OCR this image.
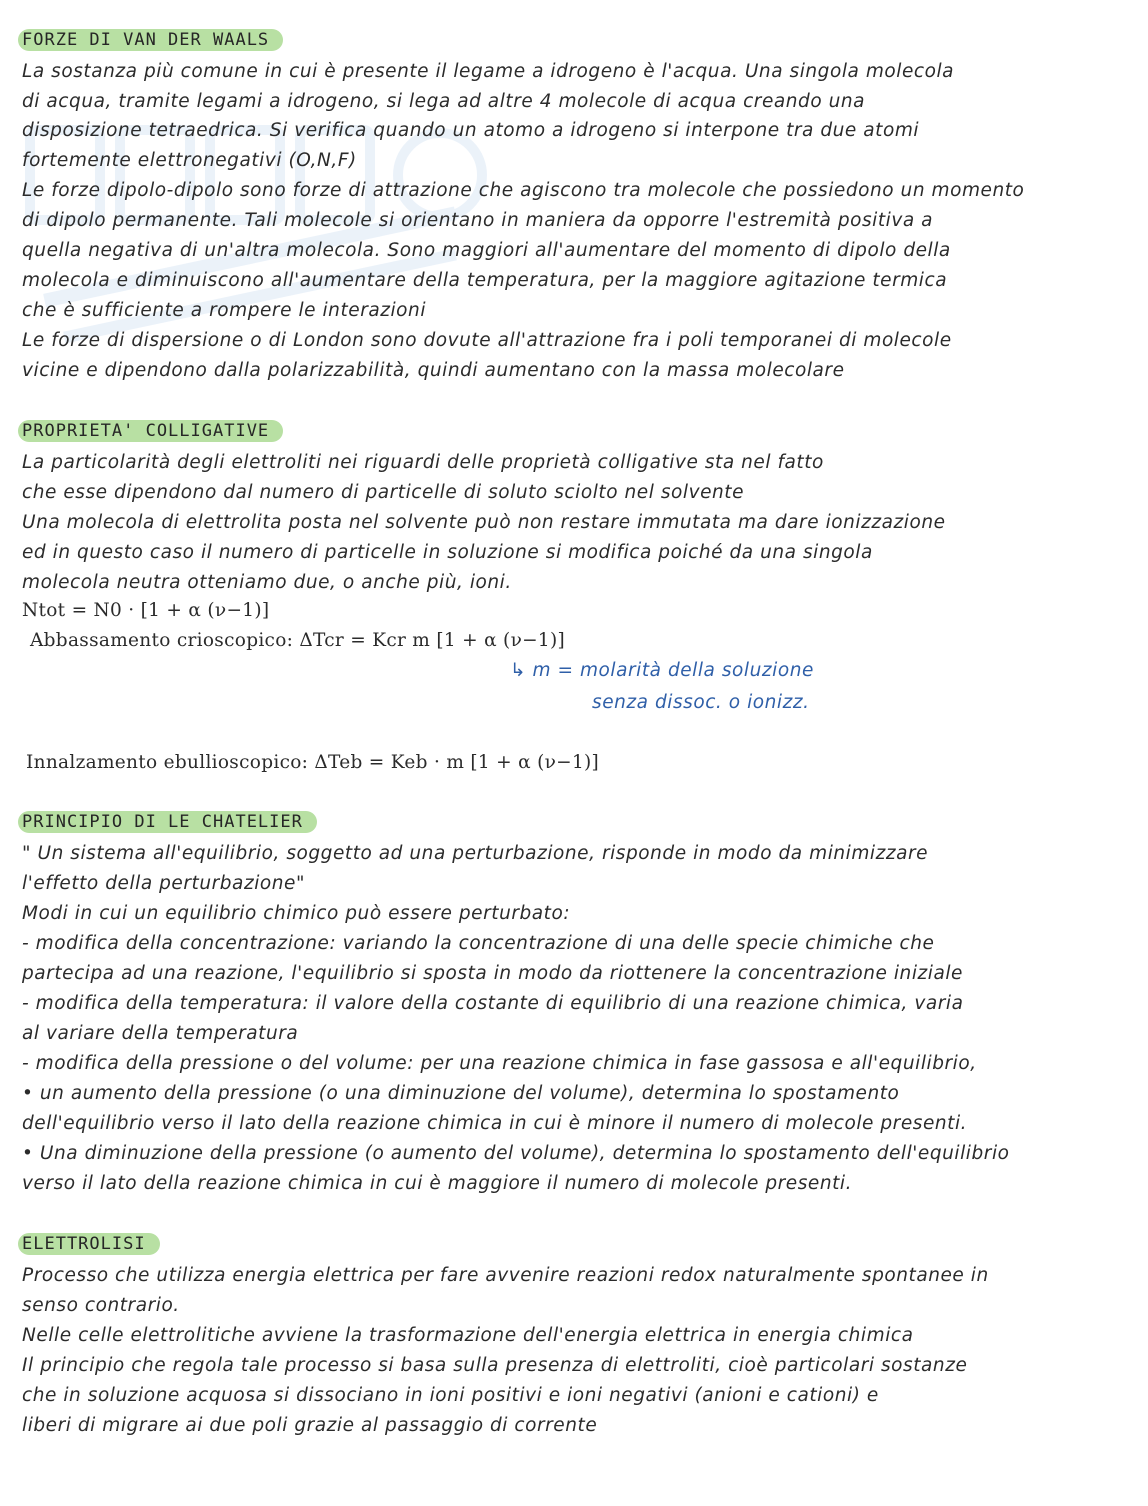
FORZE DI VAN DER WAALS
La sostanza più comune in cui è presente il legame a idrogeno è l'acqua. Una singola molecola
di acqua, tramite legami a idrogeno, si lega ad altre 4 molecole di acqua creando una
disposizione tetraedrica. Si verifica quando un atomo a idrogeno si interpone tra due atomi
fortemente elettronegativi (O,N,F)
Le forze dipolo-dipolo sono forze di attrazione che agiscono tra molecole che possiedono un momento
di dipolo permanente. Tali molecole si orientano in maniera da opporre l'estremità positiva a
quella negativa di un'altra molecola. Sono maggiori all'aumentare del momento di dipolo della
molecola e diminuiscono all'aumentare della temperatura, per la maggiore agitazione termica
che è sufficiente a rompere le interazioni
Le forze di dispersione o di London sono dovute all'attrazione fra i poli temporanei di molecole
vicine e dipendono dalla polarizzabilità, quindi aumentano con la massa molecolare
PROPRIETA' COLLIGATIVE
La particolarità degli elettroliti nei riguardi delle proprietà colligative sta nel fatto
che esse dipendono dal numero di particelle di soluto sciolto nel solvente
Una molecola di elettrolita posta nel solvente può non restare immutata ma dare ionizzazione
ed in questo caso il numero di particelle in soluzione si modifica poiché da una singola
molecola neutra otteniamo due, o anche più, ioni.
Ntot = N0 · [1 + α (ν−1)]
Abbassamento crioscopico: ΔTcr = Kcr m [1 + α (ν−1)]
↳ m = molarità della soluzione
senza dissoc. o ionizz.
Innalzamento ebullioscopico: ΔTeb = Keb · m [1 + α (ν−1)]
PRINCIPIO DI LE CHATELIER
" Un sistema all'equilibrio, soggetto ad una perturbazione, risponde in modo da minimizzare
l'effetto della perturbazione"
Modi in cui un equilibrio chimico può essere perturbato:
- modifica della concentrazione: variando la concentrazione di una delle specie chimiche che
partecipa ad una reazione, l'equilibrio si sposta in modo da riottenere la concentrazione iniziale
- modifica della temperatura: il valore della costante di equilibrio di una reazione chimica, varia
al variare della temperatura
- modifica della pressione o del volume: per una reazione chimica in fase gassosa e all'equilibrio,
• un aumento della pressione (o una diminuzione del volume), determina lo spostamento
dell'equilibrio verso il lato della reazione chimica in cui è minore il numero di molecole presenti.
• Una diminuzione della pressione (o aumento del volume), determina lo spostamento dell'equilibrio
verso il lato della reazione chimica in cui è maggiore il numero di molecole presenti.
ELETTROLISI
Processo che utilizza energia elettrica per fare avvenire reazioni redox naturalmente spontanee in
senso contrario.
Nelle celle elettrolitiche avviene la trasformazione dell'energia elettrica in energia chimica
Il principio che regola tale processo si basa sulla presenza di elettroliti, cioè particolari sostanze
che in soluzione acquosa si dissociano in ioni positivi e ioni negativi (anioni e cationi) e
liberi di migrare ai due poli grazie al passaggio di corrente
